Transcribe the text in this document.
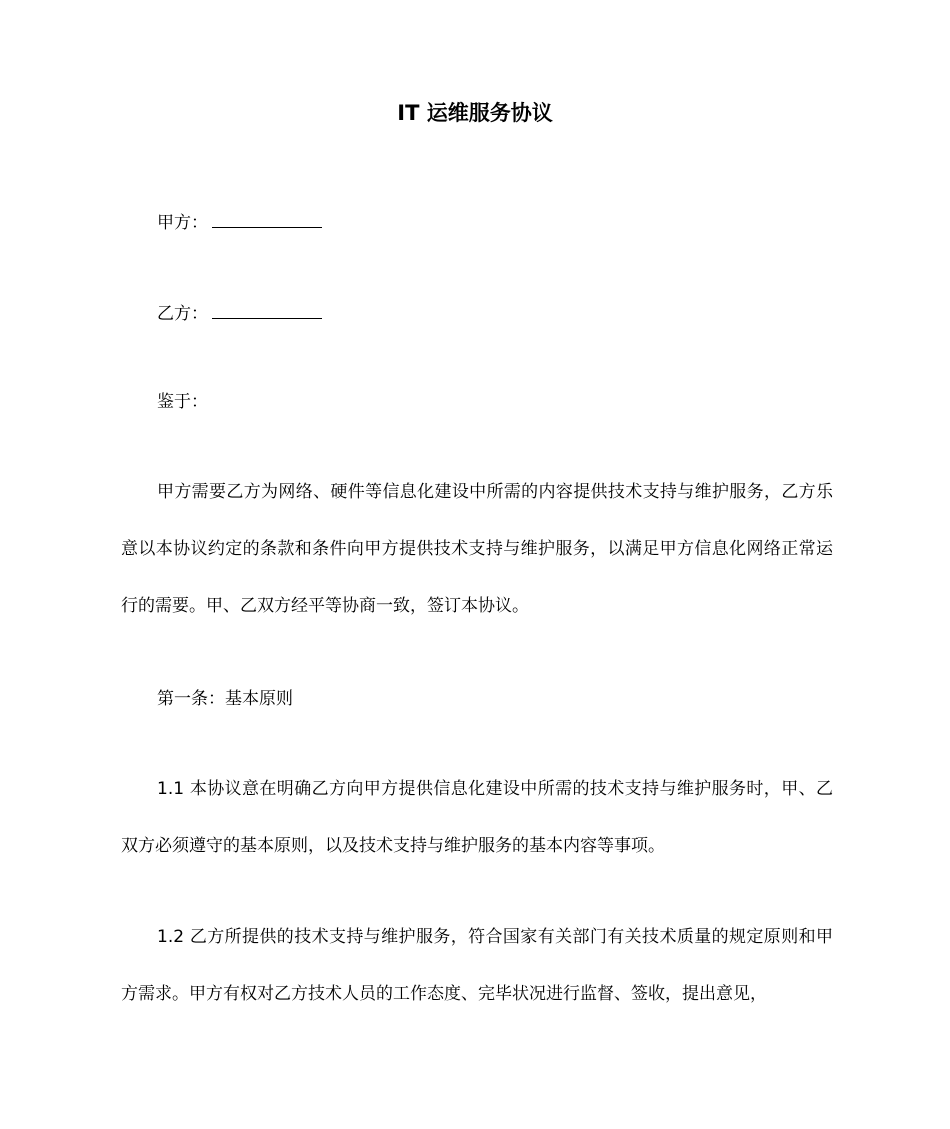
IT 运维服务协议
甲方：
乙方：
鉴于：
甲方需要乙方为网络、硬件等信息化建设中所需的内容提供技术支持与维护服务，乙方乐意以本协议约定的条款和条件向甲方提供技术支持与维护服务，以满足甲方信息化网络正常运行的需要。甲、乙双方经平等协商一致，签订本协议。
第一条：基本原则
1.1 本协议意在明确乙方向甲方提供信息化建设中所需的技术支持与维护服务时，甲、乙双方必须遵守的基本原则，以及技术支持与维护服务的基本内容等事项。
1.2 乙方所提供的技术支持与维护服务，符合国家有关部门有关技术质量的规定原则和甲方需求。甲方有权对乙方技术人员的工作态度、完毕状况进行监督、签收，提出意见，
